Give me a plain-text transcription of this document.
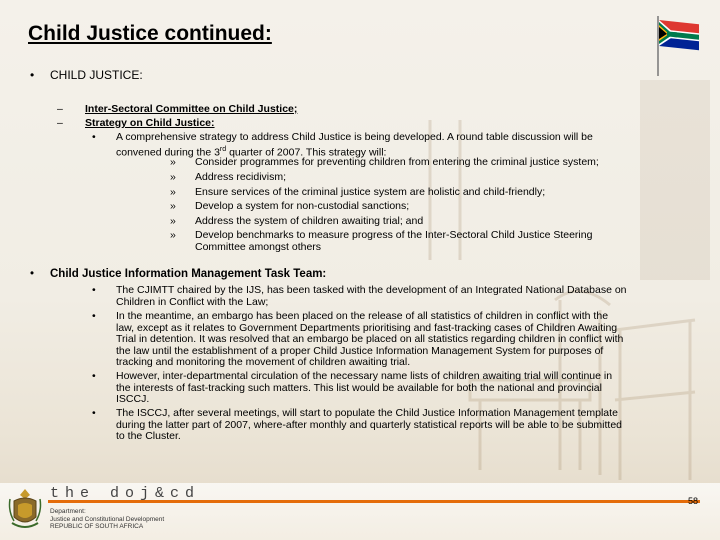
Child Justice continued:
•	CHILD JUSTICE:
–	Inter-Sectoral Committee on Child Justice;
–	Strategy on Child Justice:
•	A comprehensive strategy to address Child Justice is being developed. A round table discussion will be
convened during the 3rd quarter of 2007. This strategy will:
»	Consider programmes for preventing children from entering the criminal justice system;
»	Address recidivism;
»	Ensure services of the criminal justice system are holistic and child-friendly;
»	Develop a system for non-custodial sanctions;
»	Address the system of children awaiting trial; and
»	Develop benchmarks to measure progress of the Inter-Sectoral Child Justice Steering
Committee amongst others
•	Child Justice Information Management Task Team:
•	The CJIMTT chaired by the IJS, has been tasked with the development of an Integrated National Database on
Children in Conflict with the Law;
•	In the meantime, an embargo has been placed on the release of all statistics of children in conflict with the
law, except as it relates to Government Departments prioritising and fast-tracking cases of Children Awaiting
Trial in detention. It was resolved that an embargo be placed on all statistics regarding children in conflict with
the law until the establishment of a proper Child Justice Information Management System for purposes of
tracking and monitoring the movement of children awaiting trial.
•	However, inter-departmental circulation of the necessary name lists of children awaiting trial will continue in
the interests of fast-tracking such matters. This list would be available for both the national and provincial
ISCCJ.
•	The ISCCJ, after several meetings, will start to populate the Child Justice Information Management template
during the latter part of 2007, where-after monthly and quarterly statistical reports will be able to be submitted
to the Cluster.
the doj&cd
Department:
Justice and Constitutional Development
REPUBLIC OF SOUTH AFRICA
58
